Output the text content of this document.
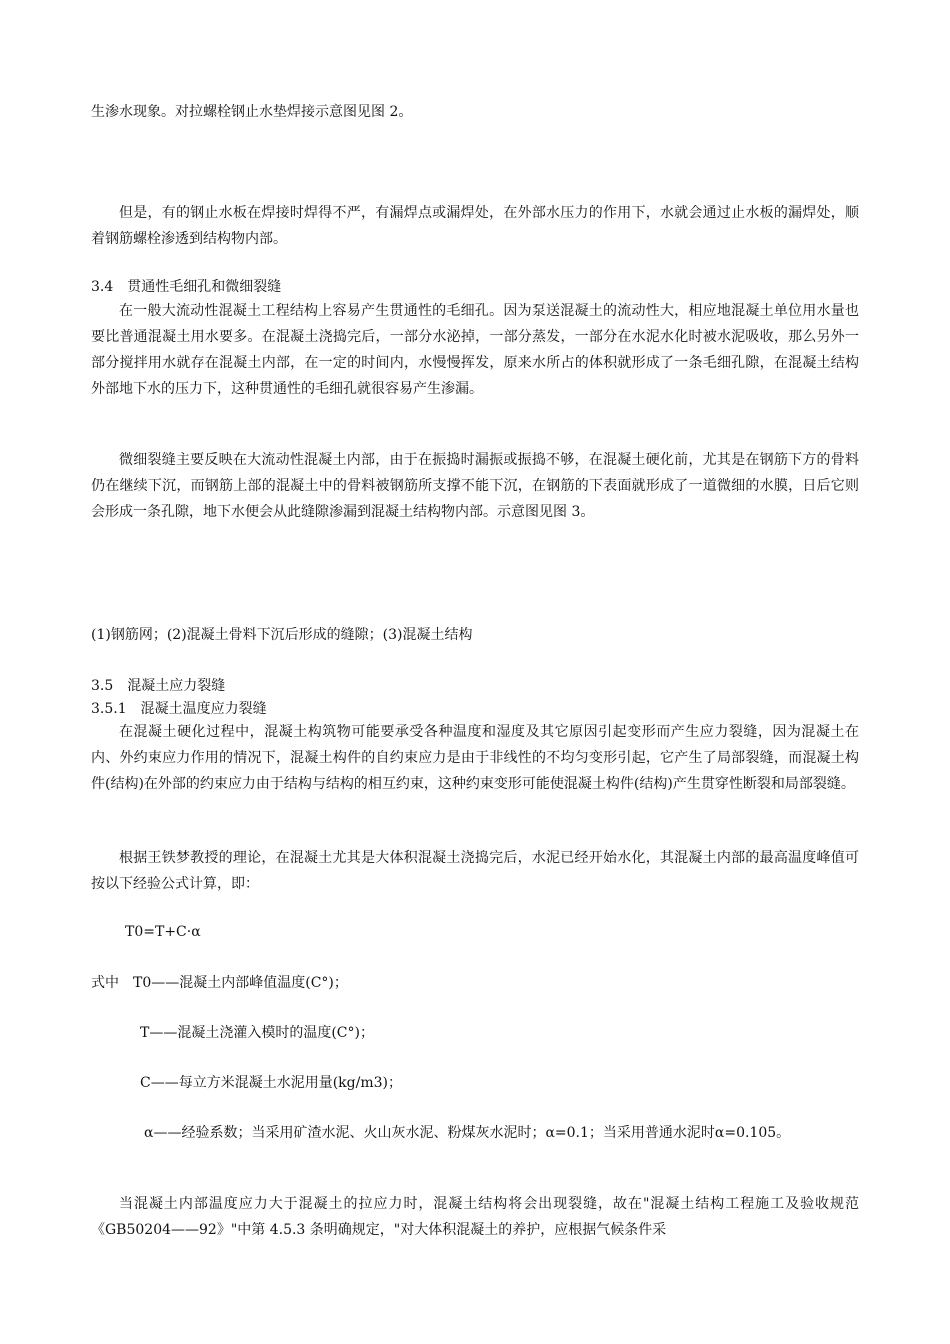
生渗水现象。对拉螺栓钢止水垫焊接示意图见图 2。

但是，有的钢止水板在焊接时焊得不严，有漏焊点或漏焊处，在外部水压力的作用下，水就会通过止水板的漏焊处，顺着钢筋螺栓渗透到结构物内部。

3.4　贯通性毛细孔和微细裂缝

在一般大流动性混凝土工程结构上容易产生贯通性的毛细孔。因为泵送混凝土的流动性大，相应地混凝土单位用水量也要比普通混凝土用水要多。在混凝土浇捣完后，一部分水泌掉，一部分蒸发，一部分在水泥水化时被水泥吸收，那么另外一部分搅拌用水就存在混凝土内部，在一定的时间内，水慢慢挥发，原来水所占的体积就形成了一条毛细孔隙，在混凝土结构外部地下水的压力下，这种贯通性的毛细孔就很容易产生渗漏。

微细裂缝主要反映在大流动性混凝土内部，由于在振捣时漏振或振捣不够，在混凝土硬化前，尤其是在钢筋下方的骨料仍在继续下沉，而钢筋上部的混凝土中的骨料被钢筋所支撑不能下沉，在钢筋的下表面就形成了一道微细的水膜，日后它则会形成一条孔隙，地下水便会从此缝隙渗漏到混凝土结构物内部。示意图见图 3。

(1)钢筋网；(2)混凝土骨料下沉后形成的缝隙；(3)混凝土结构

3.5　混凝土应力裂缝

3.5.1　混凝土温度应力裂缝

在混凝土硬化过程中，混凝土构筑物可能要承受各种温度和湿度及其它原因引起变形而产生应力裂缝，因为混凝土在内、外约束应力作用的情况下，混凝土构件的自约束应力是由于非线性的不均匀变形引起，它产生了局部裂缝，而混凝土构件(结构)在外部的约束应力由于结构与结构的相互约束，这种约束变形可能使混凝土构件(结构)产生贯穿性断裂和局部裂缝。

根据王铁梦教授的理论，在混凝土尤其是大体积混凝土浇捣完后，水泥已经开始水化，其混凝土内部的最高温度峰值可按以下经验公式计算，即：

T0=T+C·α

式中　T0——混凝土内部峰值温度(C°)；

T——混凝土浇灌入模时的温度(C°)；

C——每立方米混凝土水泥用量(kg/m3)；

α——经验系数；当采用矿渣水泥、火山灰水泥、粉煤灰水泥时；α=0.1；当采用普通水泥时α=0.105。

当混凝土内部温度应力大于混凝土的拉应力时，混凝土结构将会出现裂缝，故在"混凝土结构工程施工及验收规范《GB50204——92》"中第 4.5.3 条明确规定，"对大体积混凝土的养护，应根据气候条件采
